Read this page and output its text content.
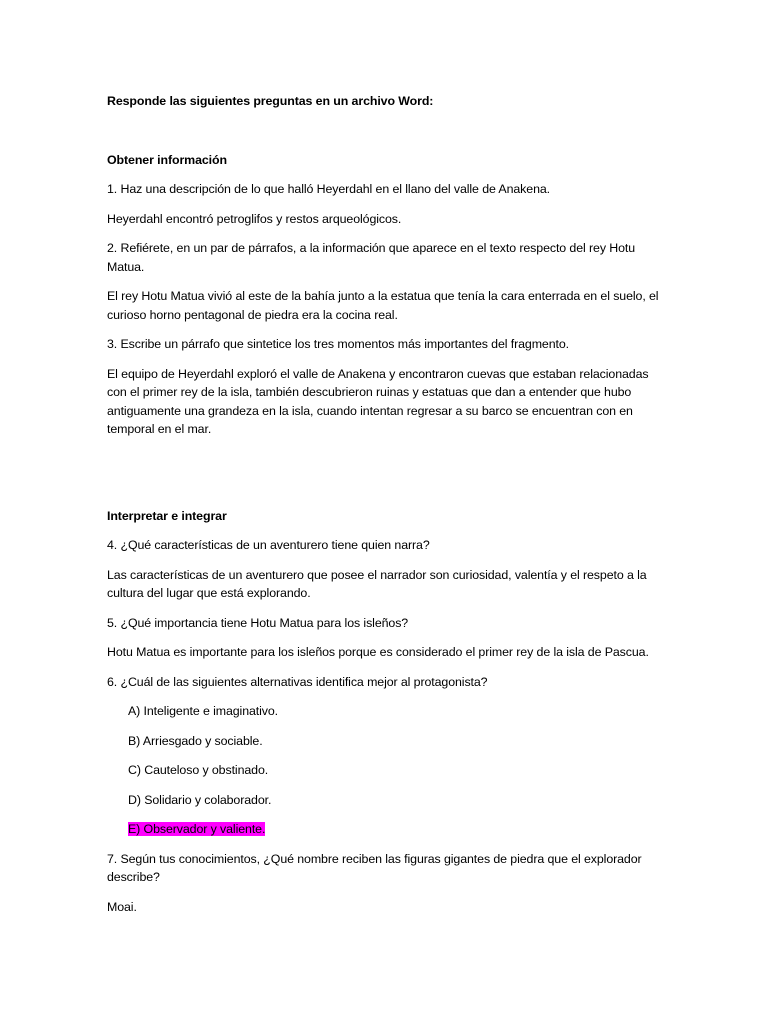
Responde las siguientes preguntas en un archivo Word:

Obtener información

1. Haz una descripción de lo que halló Heyerdahl en el llano del valle de Anakena.

Heyerdahl encontró petroglifos y restos arqueológicos.

2. Refiérete, en un par de párrafos, a la información que aparece en el texto respecto del rey Hotu Matua.

El rey Hotu Matua vivió al este de la bahía junto a la estatua que tenía la cara enterrada en el suelo, el curioso horno pentagonal de piedra era la cocina real.

3. Escribe un párrafo que sintetice los tres momentos más importantes del fragmento.

El equipo de Heyerdahl exploró el valle de Anakena y encontraron cuevas que estaban relacionadas con el primer rey de la isla, también descubrieron ruinas y estatuas que dan a entender que hubo antiguamente una grandeza en la isla, cuando intentan regresar a su barco se encuentran con en temporal en el mar.

Interpretar e integrar

4. ¿Qué características de un aventurero tiene quien narra?

Las características de un aventurero que posee el narrador son curiosidad, valentía y el respeto a la cultura del lugar que está explorando.

5. ¿Qué importancia tiene Hotu Matua para los isleños?

Hotu Matua es importante para los isleños porque es considerado el primer rey de la isla de Pascua.

6. ¿Cuál de las siguientes alternativas identifica mejor al protagonista?

A) Inteligente e imaginativo.

B) Arriesgado y sociable.

C) Cauteloso y obstinado.

D) Solidario y colaborador.

E) Observador y valiente.

7. Según tus conocimientos, ¿Qué nombre reciben las figuras gigantes de piedra que el explorador describe?

Moai.
